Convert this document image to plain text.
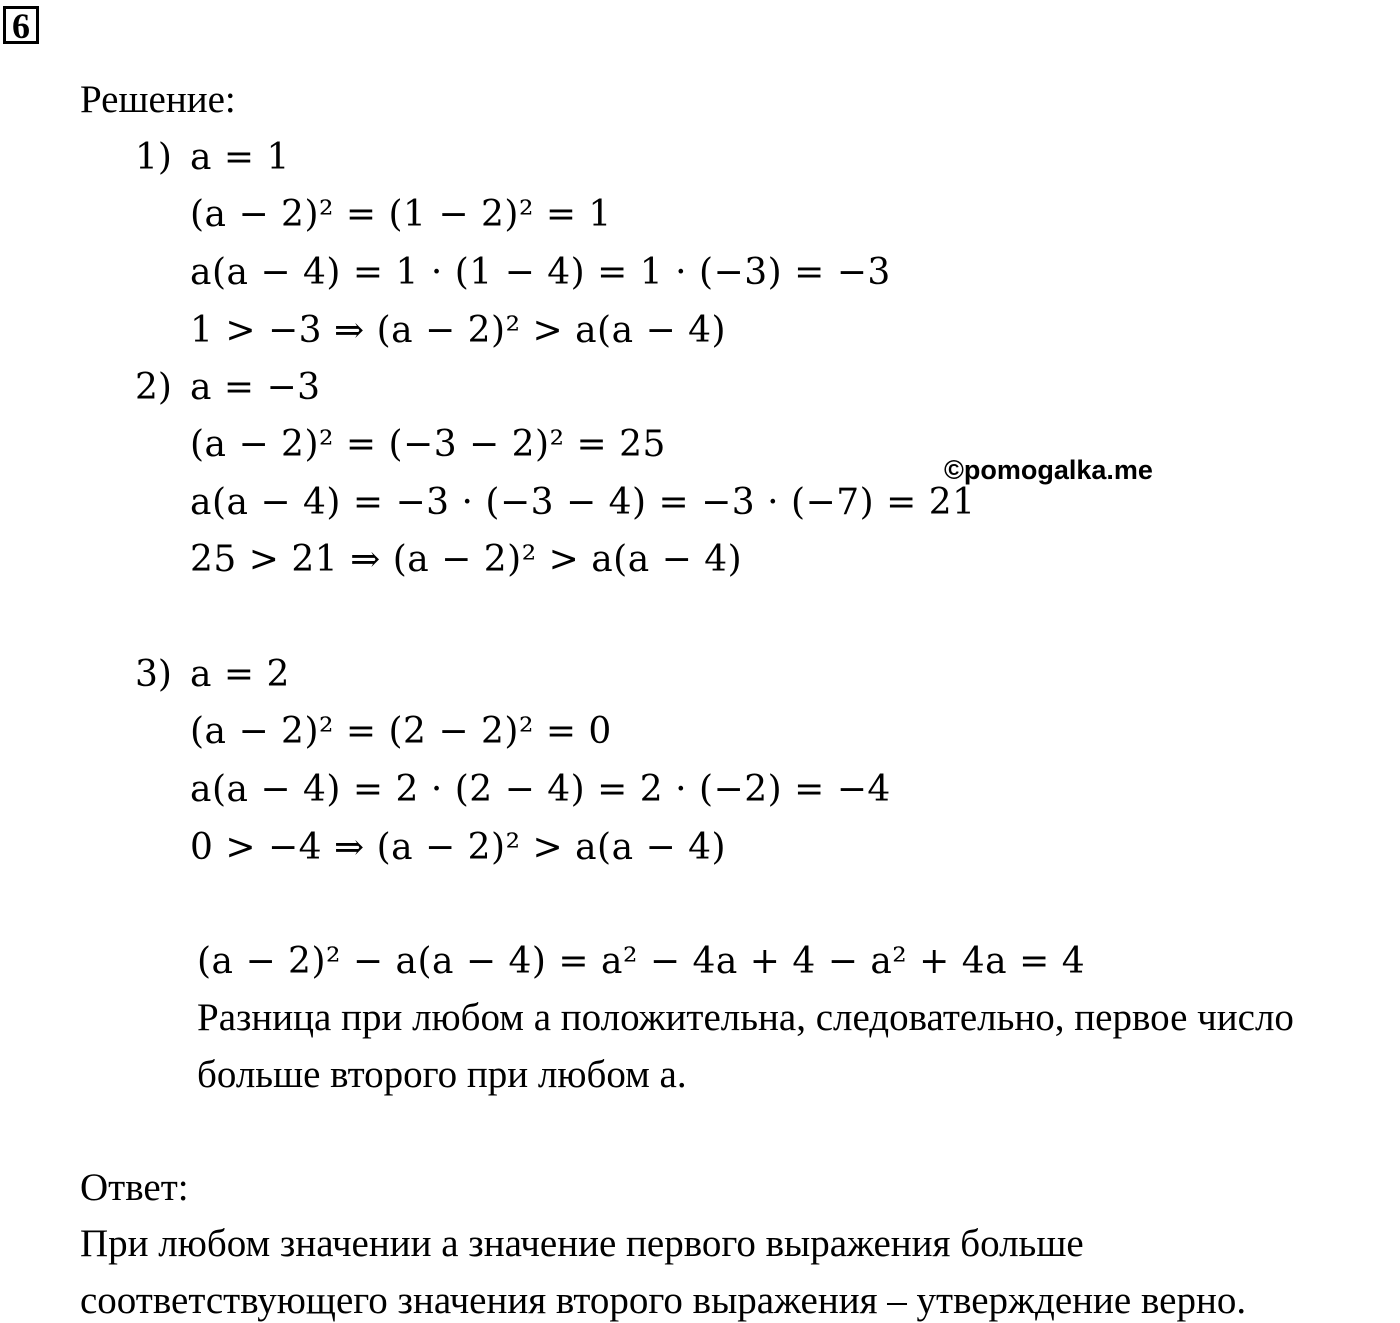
6
Решение:
1) a = 1
(a − 2)² = (1 − 2)² = 1
a(a − 4) = 1 · (1 − 4) = 1 · (−3) = −3
1 > −3 ⇒ (a − 2)² > a(a − 4)
2) a = −3
(a − 2)² = (−3 − 2)² = 25
a(a − 4) = −3 · (−3 − 4) = −3 · (−7) = 21
25 > 21 ⇒ (a − 2)² > a(a − 4)
©pomogalka.me
3) a = 2
(a − 2)² = (2 − 2)² = 0
a(a − 4) = 2 · (2 − 4) = 2 · (−2) = −4
0 > −4 ⇒ (a − 2)² > a(a − 4)
(a − 2)² − a(a − 4) = a² − 4a + 4 − a² + 4a = 4
Разница при любом a положительна, следовательно, первое число
больше второго при любом a.
Ответ:
При любом значении a значение первого выражения больше
соответствующего значения второго выражения – утверждение верно.
